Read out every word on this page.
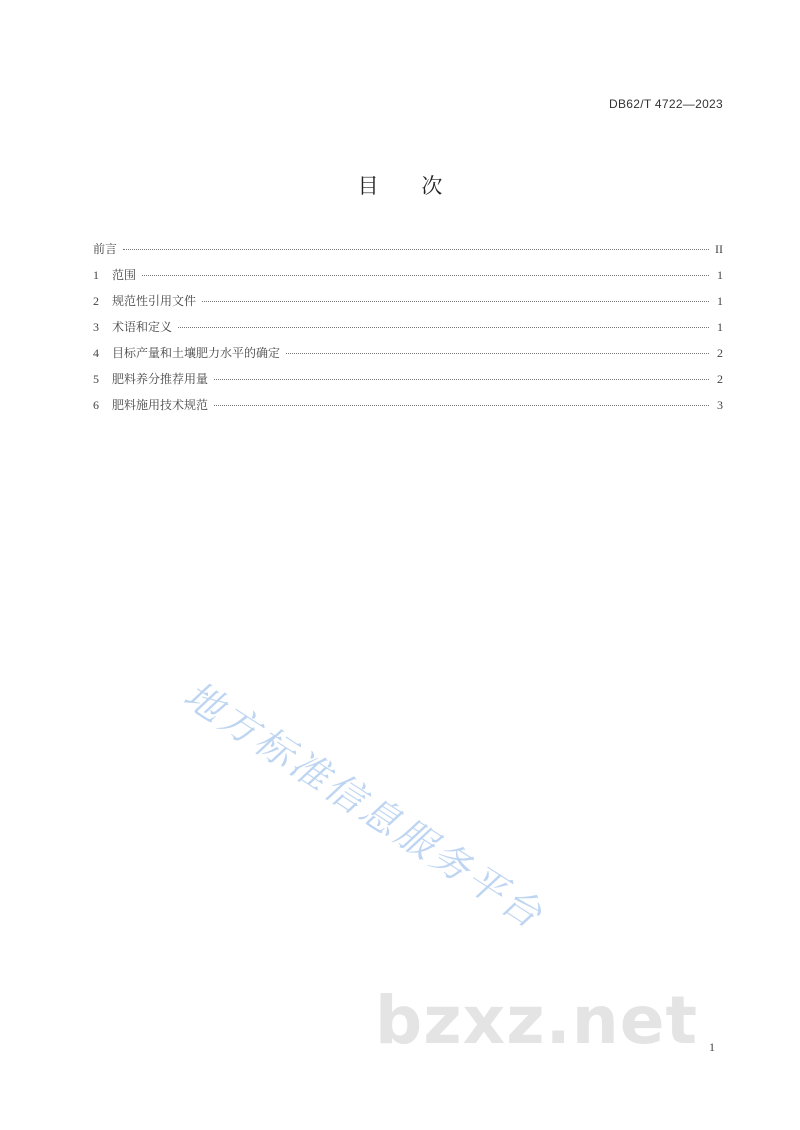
DB62/T 4722—2023
目 次
前言	II
1	范围	1
2	规范性引用文件	1
3	术语和定义	1
4	目标产量和土壤肥力水平的确定	2
5	肥料养分推荐用量	2
6	肥料施用技术规范	3
地方标准信息服务平台
bzxz.net 1
